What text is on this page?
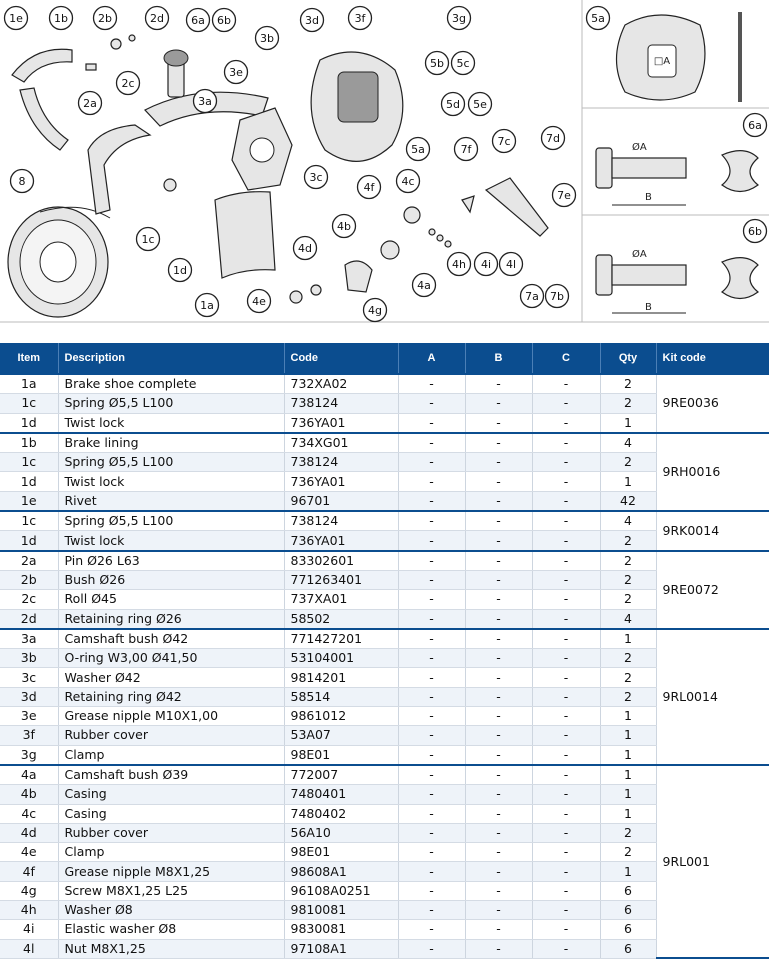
□A
ØA
B
ØA
B
1e	1b	2b	2d 6a 6b	3d	3f	3g	5a
3b
3e
5b 5c
3a	5d 5e
6a
2a
2c
5a
7c	7d
7f
3c
8	4f 4c
1c
7e
1d
4b
4h 4i 4l
4d
6b
4a
1a	4e
4g
7a 7b
Item	Description	Code	A	B	C	Qty	Kit code
1a	Brake shoe complete	732XA02	-	-	-	2	9RE0036
1c	Spring Ø5,5 L100	738124	-	-	-	2	
1d	Twist lock	736YA01	-	-	-	1	
1b	Brake lining	734XG01	-	-	-	4	9RH0016
1c	Spring Ø5,5 L100	738124	-	-	-	2	
1d	Twist lock	736YA01	-	-	-	1	
1e	Rivet	96701	-	-	-	42	
1c	Spring Ø5,5 L100	738124	-	-	-	4	9RK0014
1d	Twist lock	736YA01	-	-	-	2	
2a	Pin Ø26 L63	83302601	-	-	-	2	9RE0072
2b	Bush Ø26	771263401	-	-	-	2	
2c	Roll Ø45	737XA01	-	-	-	2	
2d	Retaining ring Ø26	58502	-	-	-	4	
3a	Camshaft bush Ø42	771427201	-	-	-	1	9RL0014
3b	O-ring W3,00 Ø41,50	53104001	-	-	-	2	
3c	Washer Ø42	9814201	-	-	-	2	
3d	Retaining ring Ø42	58514	-	-	-	2	
3e	Grease nipple M10X1,00	9861012	-	-	-	1	
3f	Rubber cover	53A07	-	-	-	1	
3g	Clamp	98E01	-	-	-	1	
4a	Camshaft bush Ø39	772007	-	-	-	1	9RL001
4b	Casing	7480401	-	-	-	1	
4c	Casing	7480402	-	-	-	1	
4d	Rubber cover	56A10	-	-	-	2	
4e	Clamp	98E01	-	-	-	2	
4f	Grease nipple M8X1,25	98608A1	-	-	-	1	
4g	Screw M8X1,25 L25	96108A0251	-	-	-	6	
4h	Washer Ø8	9810081	-	-	-	6	
4i	Elastic washer Ø8	9830081	-	-	-	6	
4l	Nut M8X1,25	97108A1	-	-	-	6	
